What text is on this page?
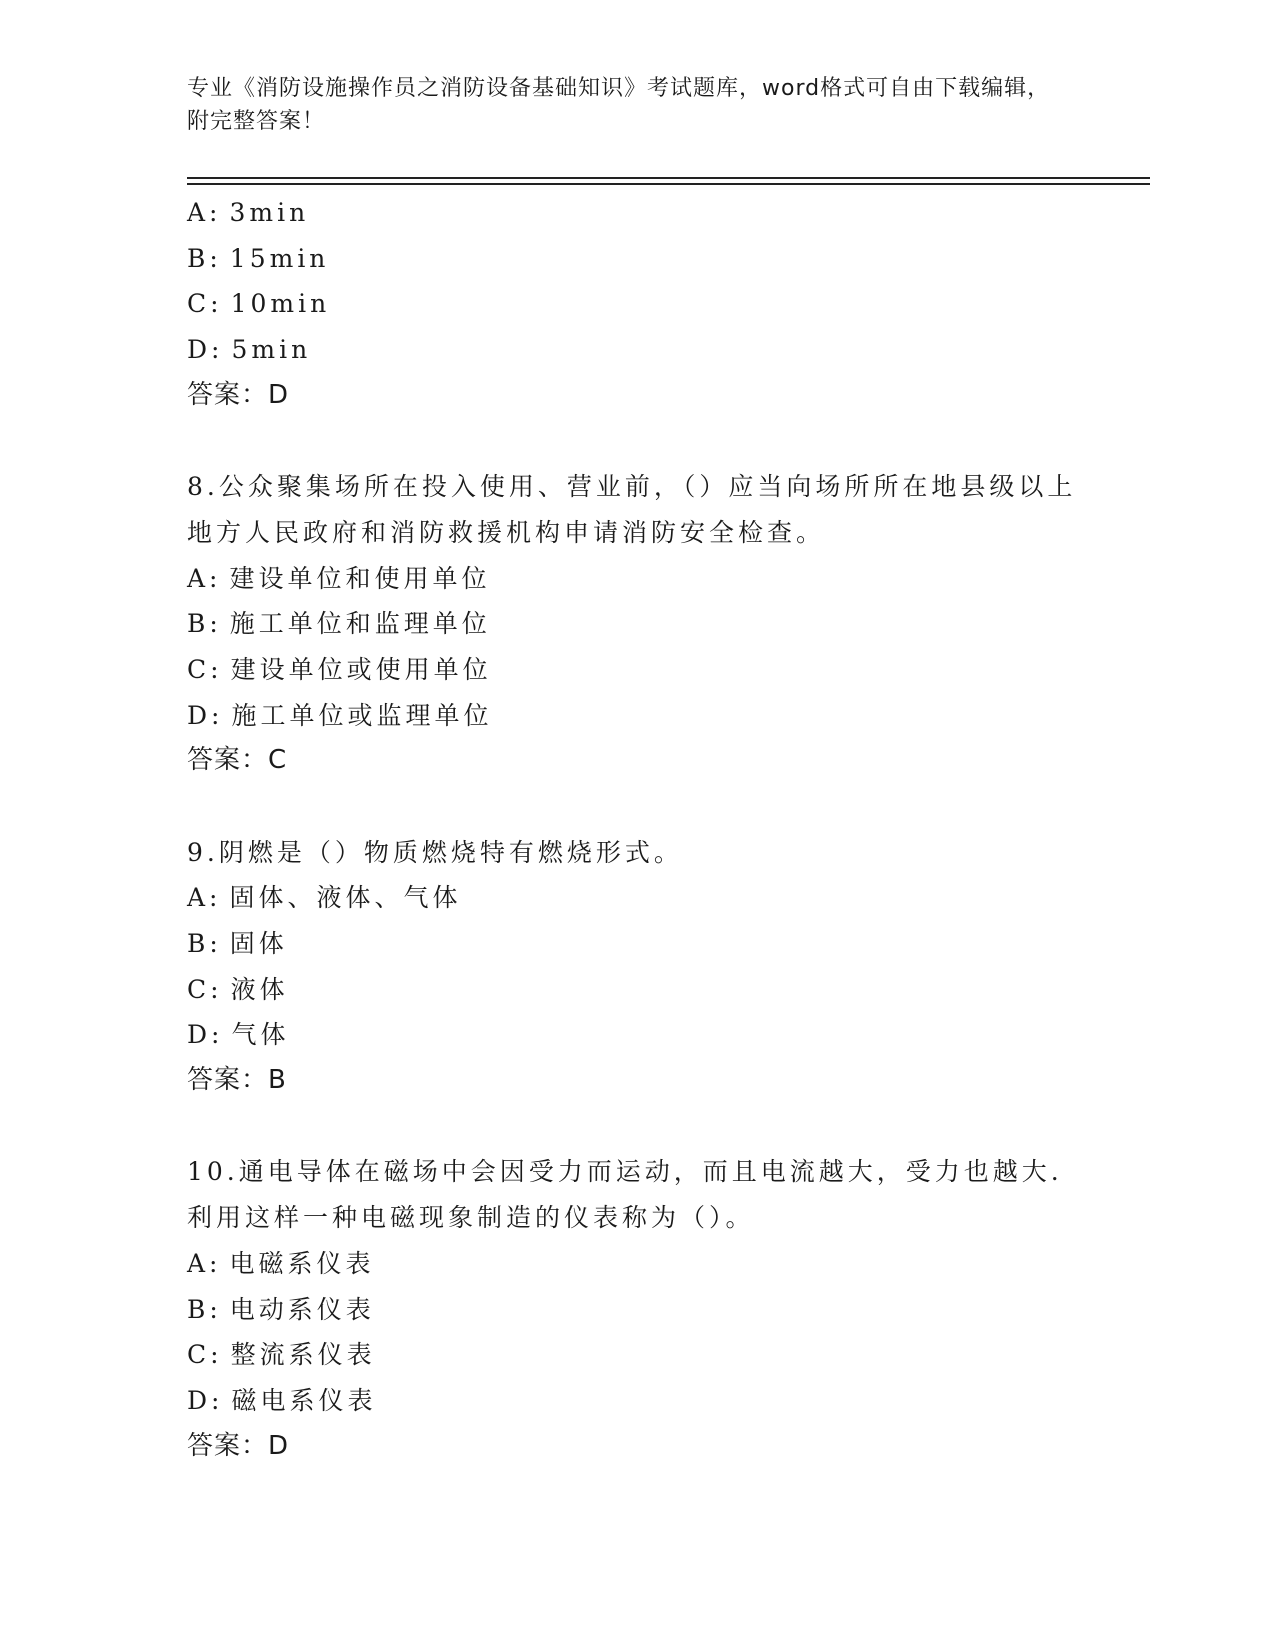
专业《消防设施操作员之消防设备基础知识》考试题库，word格式可自由下载编辑，附完整答案！
A: 3min
B: 15min
C: 10min
D: 5min
答案：D
8.公众聚集场所在投入使用、营业前，（）应当向场所所在地县级以上地方人民政府和消防救援机构申请消防安全检查。
A: 建设单位和使用单位
B: 施工单位和监理单位
C: 建设单位或使用单位
D: 施工单位或监理单位
答案：C
9.阴燃是（）物质燃烧特有燃烧形式。
A: 固体、液体、气体
B: 固体
C: 液体
D: 气体
答案：B
10.通电导体在磁场中会因受力而运动，而且电流越大，受力也越大.利用这样一种电磁现象制造的仪表称为（）。
A: 电磁系仪表
B: 电动系仪表
C: 整流系仪表
D: 磁电系仪表
答案：D
